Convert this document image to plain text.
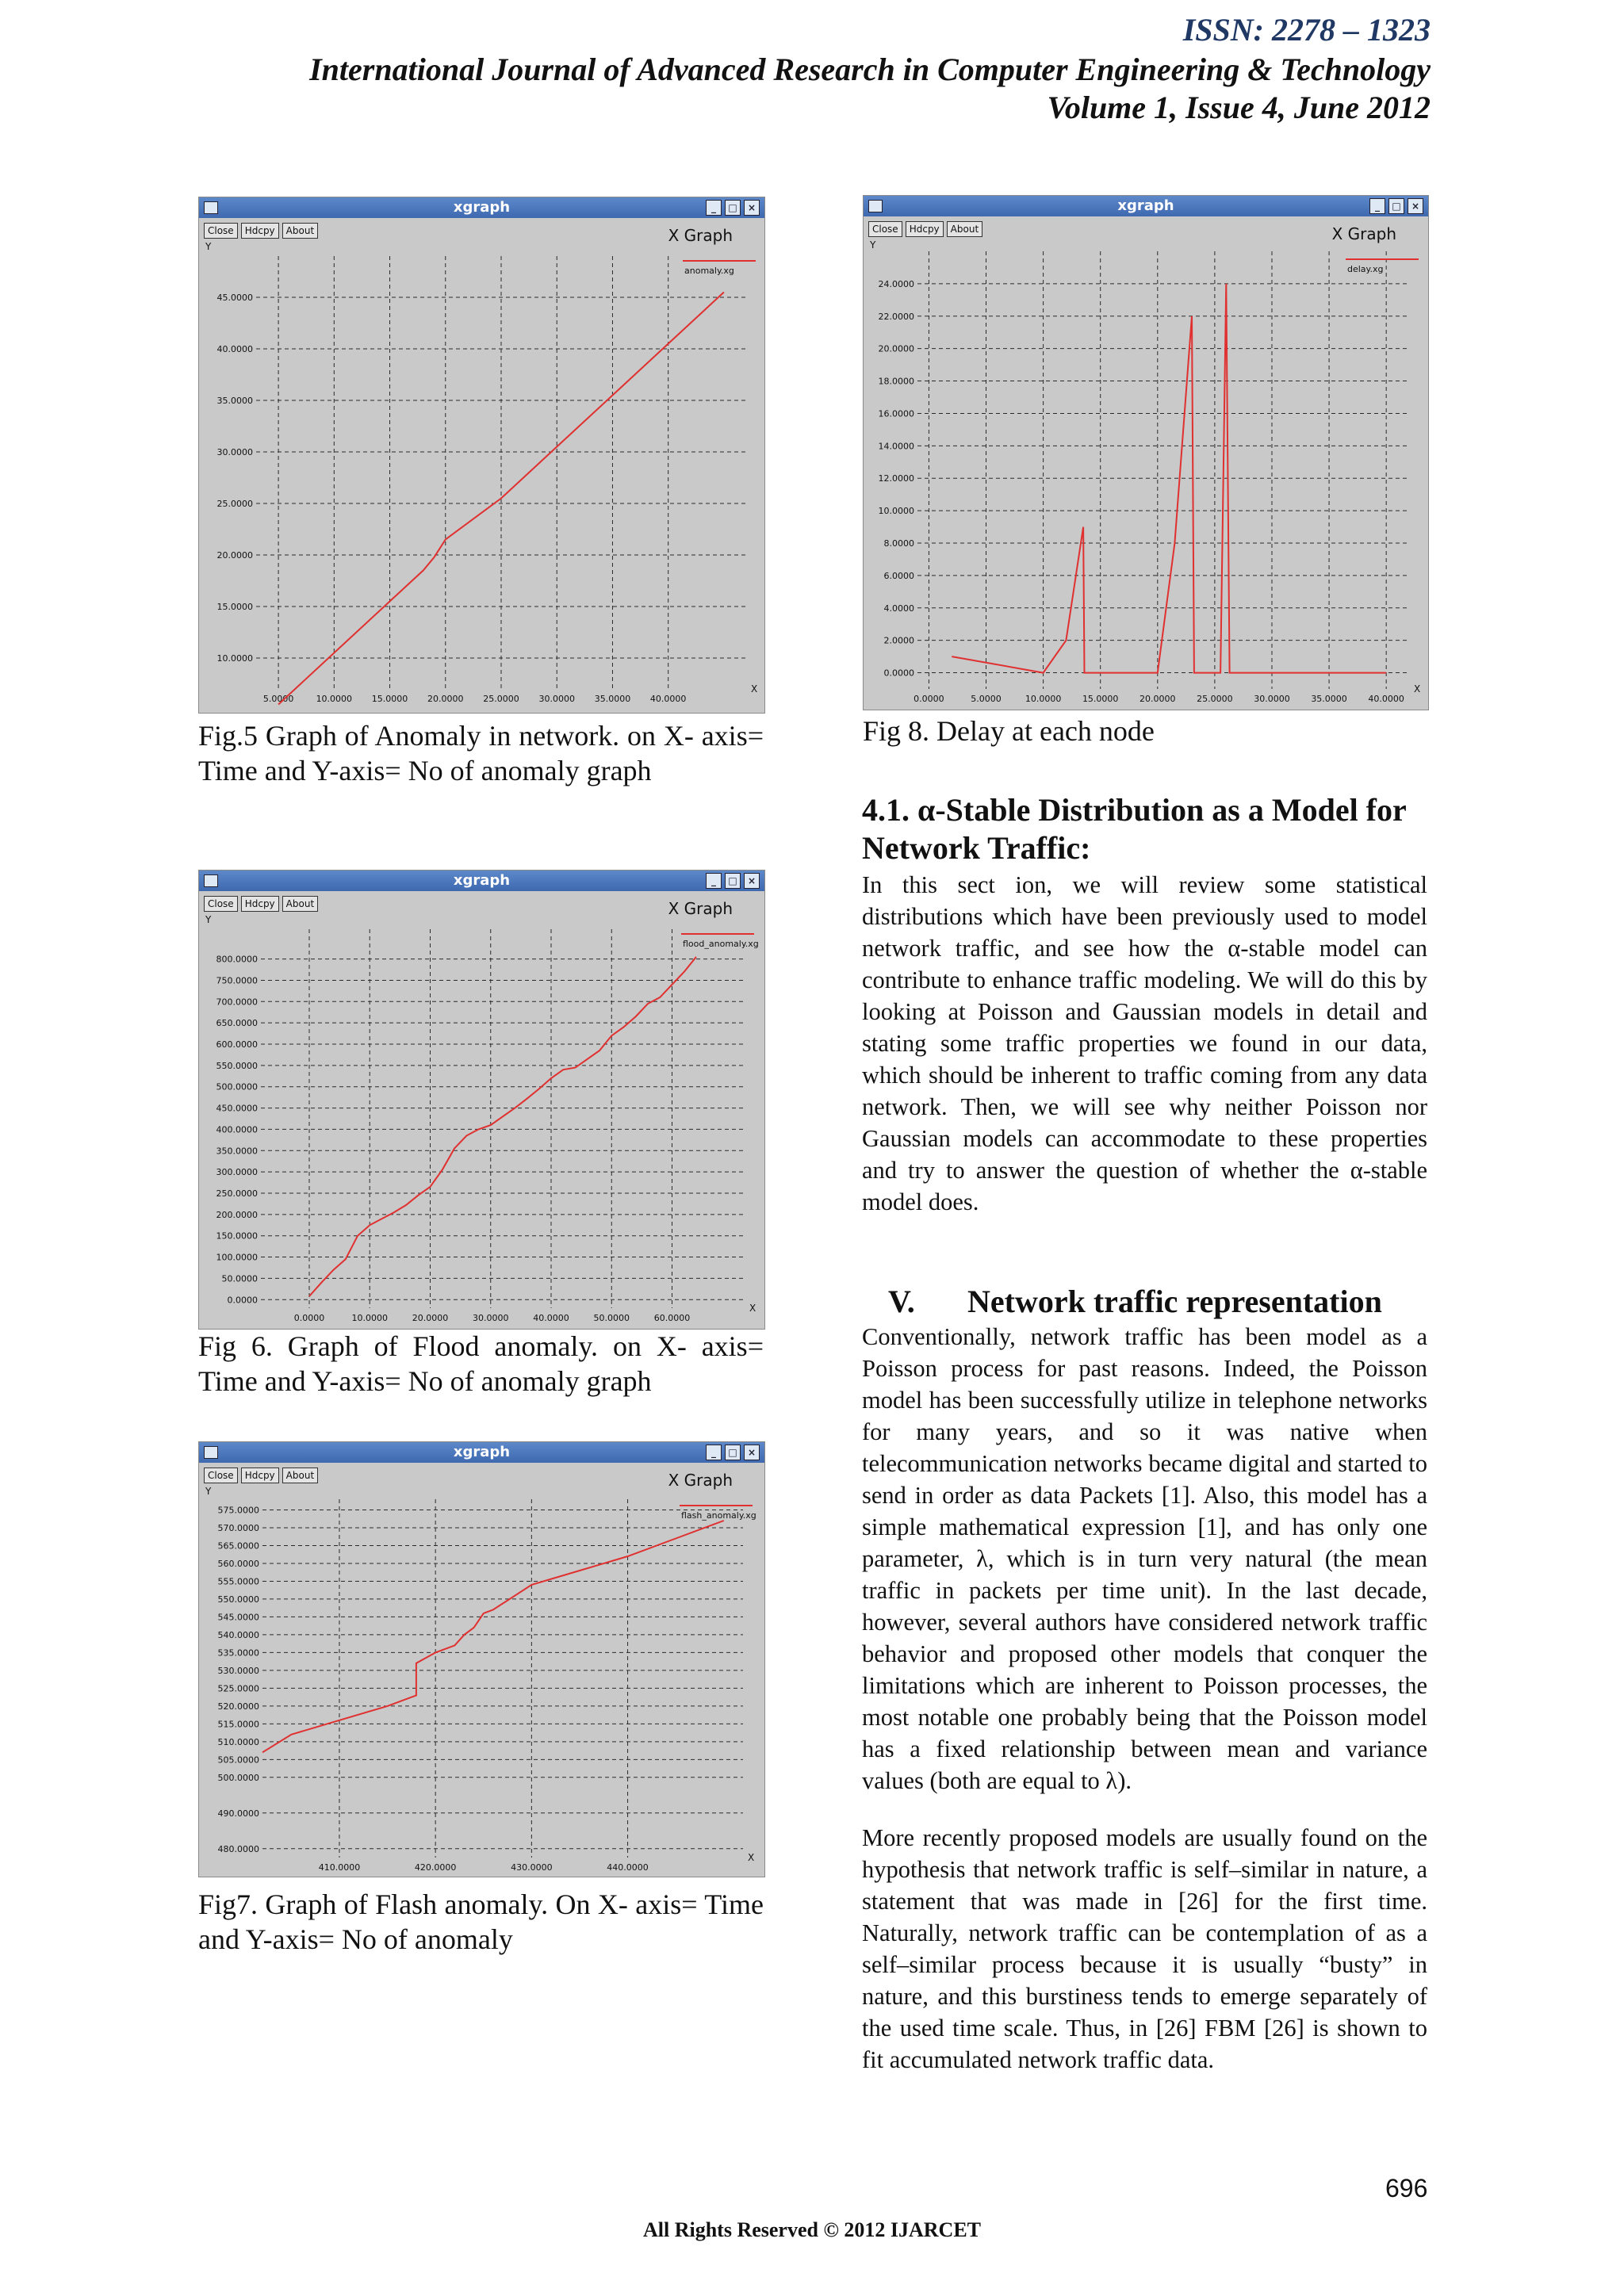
ISSN: 2278 – 1323
International Journal of Advanced Research in Computer Engineering & Technology
Volume 1, Issue 4, June 2012
xgraph	_	□	×
Close	Hdcpy	About	X Graph
Y
X
5.0000	10.0000 15.0000 20.0000 25.0000 30.0000 35.0000 40.0000
10.0000
15.0000
20.0000
25.0000
30.0000
35.0000
40.0000
45.0000
anomaly.xg
Fig.5 Graph of Anomaly in network. on X- axis= Time and Y-axis= No of anomaly graph
xgraph	_	□	×
Close	Hdcpy	About	X Graph
Y
X
0.0000	10.0000	20.0000	30.0000	40.0000	50.0000	60.0000
0.0000
50.0000
100.0000
150.0000
200.0000
250.0000
300.0000
350.0000
400.0000
450.0000
500.0000
550.0000
600.0000
650.0000
700.0000
750.0000
800.0000
flood_anomaly.xg
Fig 6. Graph of Flood anomaly. on X- axis= Time and Y-axis= No of anomaly graph
xgraph	_	□	×
Close	Hdcpy	About	X Graph
Y
X
410.0000	420.0000	430.0000	440.0000
480.0000
490.0000
500.0000
505.0000
510.0000
515.0000
520.0000
525.0000
530.0000
535.0000
540.0000
545.0000
550.0000
555.0000
560.0000
565.0000
570.0000
575.0000
flash_anomaly.xg
Fig7. Graph of Flash anomaly. On X- axis= Time and Y-axis= No of anomaly
xgraph	_	□	×
Close	Hdcpy	About	X Graph
Y
X
0.0000	5.0000	10.0000 15.0000 20.0000 25.0000 30.0000 35.0000 40.0000
0.0000
2.0000
4.0000
6.0000
8.0000
10.0000
12.0000
14.0000
16.0000
18.0000
20.0000
22.0000
24.0000
delay.xg
Fig 8. Delay at each node
4.1. α-Stable Distribution as a Model for Network Traffic:
In this sect ion, we will review some statistical distributions which have been previously used to model network traffic, and see how the α-stable model can contribute to enhance traffic modeling. We will do this by looking at Poisson and Gaussian models in detail and stating some traffic properties we found in our data, which should be inherent to traffic coming from any data network. Then, we will see why neither Poisson nor Gaussian models can accommodate to these properties and try to answer the question of whether the α-stable model does.
V. Network traffic representation
Conventionally, network traffic has been model as a Poisson process for past reasons. Indeed, the Poisson model has been successfully utilize in telephone networks for many years, and so it was native when telecommunication networks became digital and started to send in order as data Packets [1]. Also, this model has a simple mathematical expression [1], and has only one parameter, λ, which is in turn very natural (the mean traffic in packets per time unit). In the last decade, however, several authors have considered network traffic behavior and proposed other models that conquer the limitations which are inherent to Poisson processes, the most notable one probably being that the Poisson model has a fixed relationship between mean and variance values (both are equal to λ).
More recently proposed models are usually found on the hypothesis that network traffic is self–similar in nature, a statement that was made in [26] for the first time. Naturally, network traffic can be contemplation of as a self–similar process because it is usually “busty” in nature, and this burstiness tends to emerge separately of the used time scale. Thus, in [26] FBM [26] is shown to fit accumulated network traffic data.
696
All Rights Reserved © 2012 IJARCET
